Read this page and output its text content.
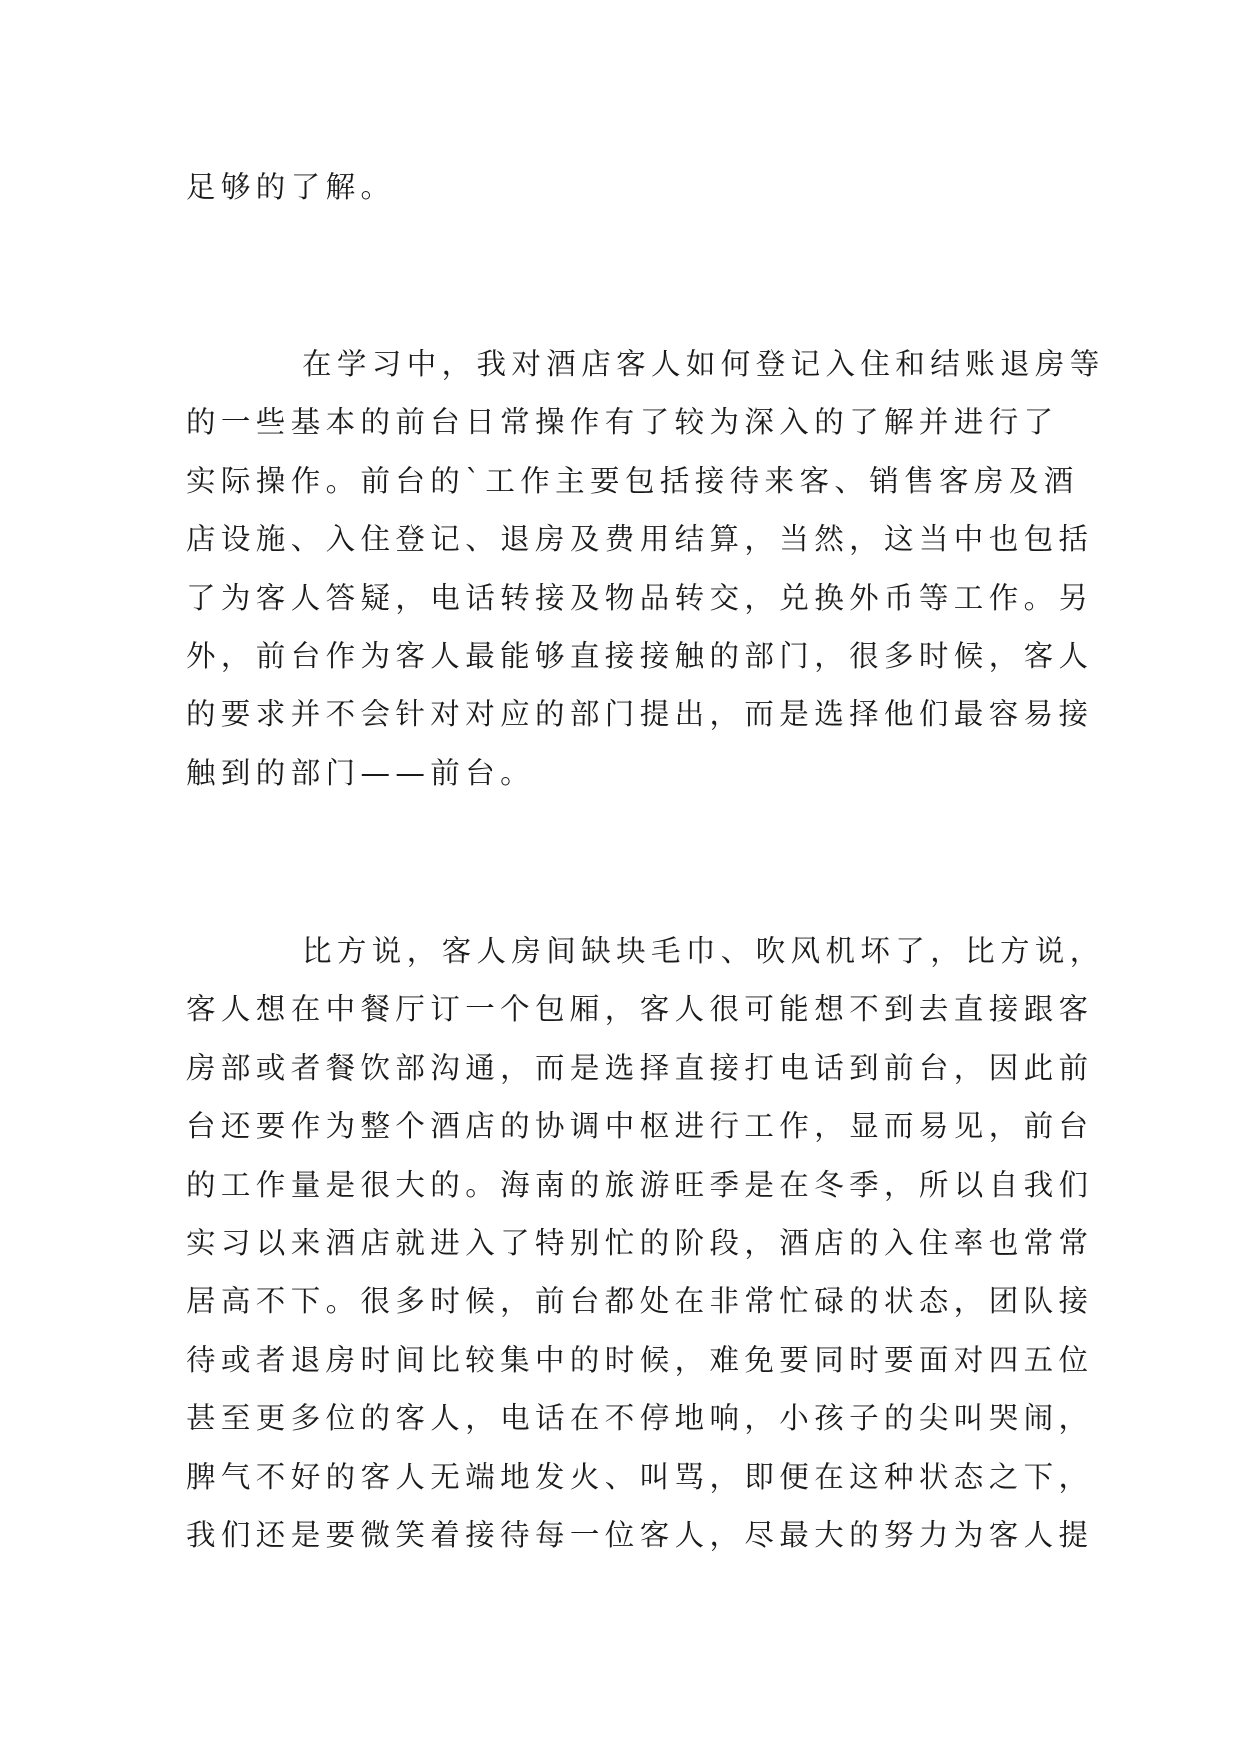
足够的了解。
在学习中，我对酒店客人如何登记入住和结账退房等
的一些基本的前台日常操作有了较为深入的了解并进行了
实际操作。前台的`工作主要包括接待来客、销售客房及酒
店设施、入住登记、退房及费用结算，当然，这当中也包括
了为客人答疑，电话转接及物品转交，兑换外币等工作。另
外，前台作为客人最能够直接接触的部门，很多时候，客人
的要求并不会针对对应的部门提出，而是选择他们最容易接
触到的部门——前台。
比方说，客人房间缺块毛巾、吹风机坏了，比方说，
客人想在中餐厅订一个包厢，客人很可能想不到去直接跟客
房部或者餐饮部沟通，而是选择直接打电话到前台，因此前
台还要作为整个酒店的协调中枢进行工作，显而易见，前台
的工作量是很大的。海南的旅游旺季是在冬季，所以自我们
实习以来酒店就进入了特别忙的阶段，酒店的入住率也常常
居高不下。很多时候，前台都处在非常忙碌的状态，团队接
待或者退房时间比较集中的时候，难免要同时要面对四五位
甚至更多位的客人，电话在不停地响，小孩子的尖叫哭闹，
脾气不好的客人无端地发火、叫骂，即便在这种状态之下，
我们还是要微笑着接待每一位客人，尽最大的努力为客人提
